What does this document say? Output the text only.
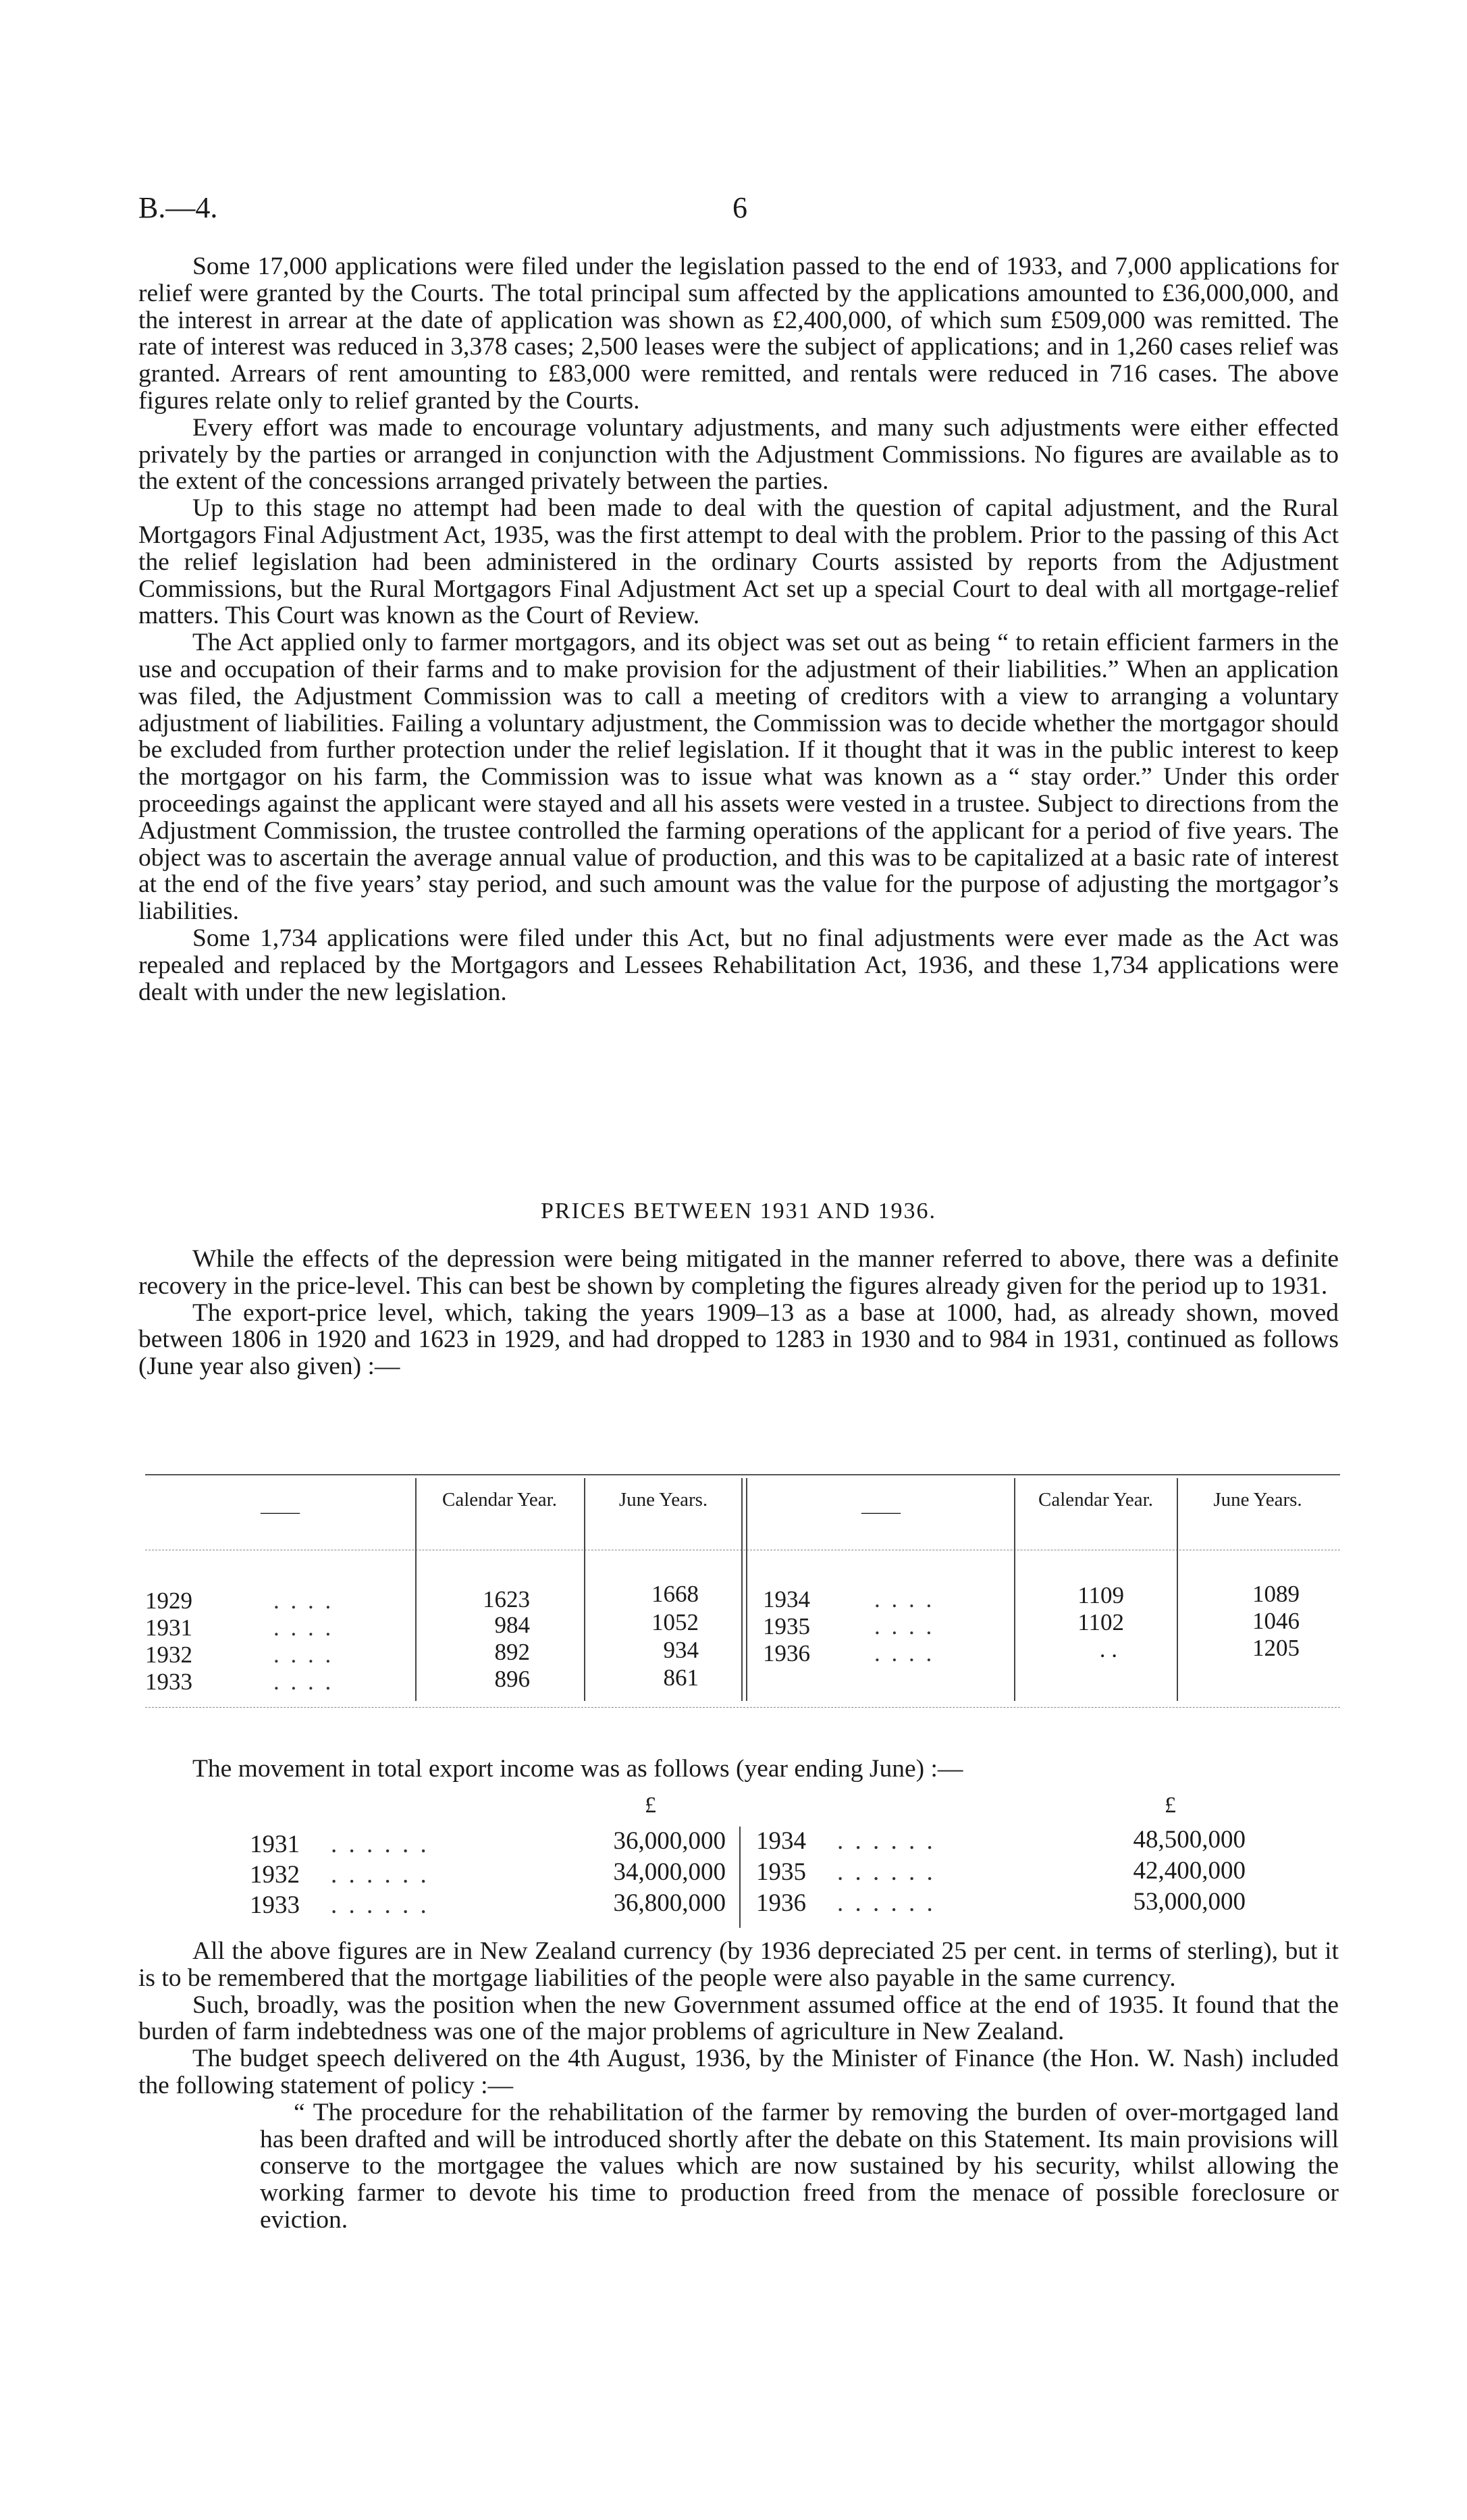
B.—4.	6

Some 17,000 applications were filed under the legislation passed to the end of 1933, and 7,000 applications for relief were granted by the Courts. The total principal sum affected by the applications amounted to £36,000,000, and the interest in arrear at the date of application was shown as £2,400,000, of which sum £509,000 was remitted. The rate of interest was reduced in 3,378 cases; 2,500 leases were the subject of applications; and in 1,260 cases relief was granted. Arrears of rent amounting to £83,000 were remitted, and rentals were reduced in 716 cases. The above figures relate only to relief granted by the Courts.

Every effort was made to encourage voluntary adjustments, and many such adjustments were either effected privately by the parties or arranged in conjunction with the Adjustment Commissions. No figures are available as to the extent of the concessions arranged privately between the parties.

Up to this stage no attempt had been made to deal with the question of capital adjustment, and the Rural Mortgagors Final Adjustment Act, 1935, was the first attempt to deal with the problem. Prior to the passing of this Act the relief legislation had been administered in the ordinary Courts assisted by reports from the Adjustment Commissions, but the Rural Mortgagors Final Adjustment Act set up a special Court to deal with all mortgage-relief matters. This Court was known as the Court of Review.

The Act applied only to farmer mortgagors, and its object was set out as being “ to retain efficient farmers in the use and occupation of their farms and to make provision for the adjustment of their liabilities.” When an application was filed, the Adjustment Commission was to call a meeting of creditors with a view to arranging a voluntary adjustment of liabilities. Failing a voluntary adjustment, the Commission was to decide whether the mortgagor should be excluded from further protection under the relief legislation. If it thought that it was in the public interest to keep the mortgagor on his farm, the Commission was to issue what was known as a “ stay order.” Under this order proceedings against the applicant were stayed and all his assets were vested in a trustee. Subject to directions from the Adjustment Commission, the trustee controlled the farming operations of the applicant for a period of five years. The object was to ascertain the average annual value of production, and this was to be capitalized at a basic rate of interest at the end of the five years’ stay period, and such amount was the value for the purpose of adjusting the mortgagor’s liabilities.

Some 1,734 applications were filed under this Act, but no final adjustments were ever made as the Act was repealed and replaced by the Mortgagors and Lessees Rehabilitation Act, 1936, and these 1,734 applications were dealt with under the new legislation.

PRICES BETWEEN 1931 AND 1936.

While the effects of the depression were being mitigated in the manner referred to above, there was a definite recovery in the price-level. This can best be shown by completing the figures already given for the period up to 1931.

The export-price level, which, taking the years 1909–13 as a base at 1000, had, as already shown, moved between 1806 in 1920 and 1623 in 1929, and had dropped to 1283 in 1930 and to 984 in 1931, continued as follows (June year also given) :—

——
Calendar Year.	June Years.
——
Calendar Year.	June Years.
1929	. . . .	1623	1668
1931	. . . .	984	1052
1932	. . . .	892	934
1933	. . . .	896	861
1934	. . . .	1109	1089
1935	. . . .	1102	1046
1936	. . . .	. .	1205

The movement in total export income was as follows (year ending June) :—

£	£
1931 . . . . . .	36,000,000
1932 . . . . . .	34,000,000
1933 . . . . . .	36,800,000
1934 . . . . . .	48,500,000
1935 . . . . . .	42,400,000
1936 . . . . . .	53,000,000

All the above figures are in New Zealand currency (by 1936 depreciated 25 per cent. in terms of sterling), but it is to be remembered that the mortgage liabilities of the people were also payable in the same currency.

Such, broadly, was the position when the new Government assumed office at the end of 1935. It found that the burden of farm indebtedness was one of the major problems of agriculture in New Zealand.

The budget speech delivered on the 4th August, 1936, by the Minister of Finance (the Hon. W. Nash) included the following statement of policy :—

“ The procedure for the rehabilitation of the farmer by removing the burden of over-mortgaged land has been drafted and will be introduced shortly after the debate on this Statement. Its main provisions will conserve to the mortgagee the values which are now sustained by his security, whilst allowing the working farmer to devote his time to production freed from the menace of possible foreclosure or eviction.
